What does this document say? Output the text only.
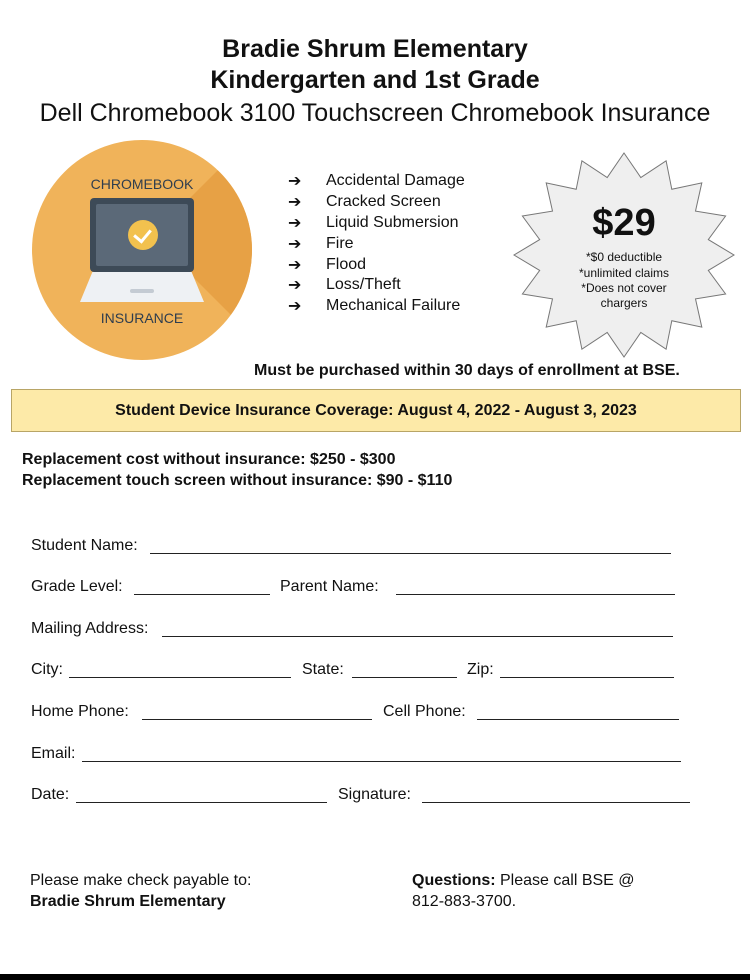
Bradie Shrum Elementary
Kindergarten and 1st Grade
Dell Chromebook 3100 Touchscreen Chromebook Insurance
CHROMEBOOK
INSURANCE
➔	Accidental Damage
➔	Cracked Screen
➔	Liquid Submersion
➔	Fire
➔	Flood
➔	Loss/Theft
➔	Mechanical Failure
$29
*$0 deductible
*unlimited claims
*Does not cover
chargers
Must be purchased within 30 days of enrollment at BSE.
Student Device Insurance Coverage: August 4, 2022 - August 3, 2023
Replacement cost without insurance: $250 - $300
Replacement touch screen without insurance: $90 - $110
Student Name:
Grade Level:	Parent Name:
Mailing Address:
City:	State:	Zip:
Home Phone:	Cell Phone:
Email:
Date:	Signature:
Please make check payable to:
Bradie Shrum Elementary
Questions: Please call BSE @
812-883-3700.
